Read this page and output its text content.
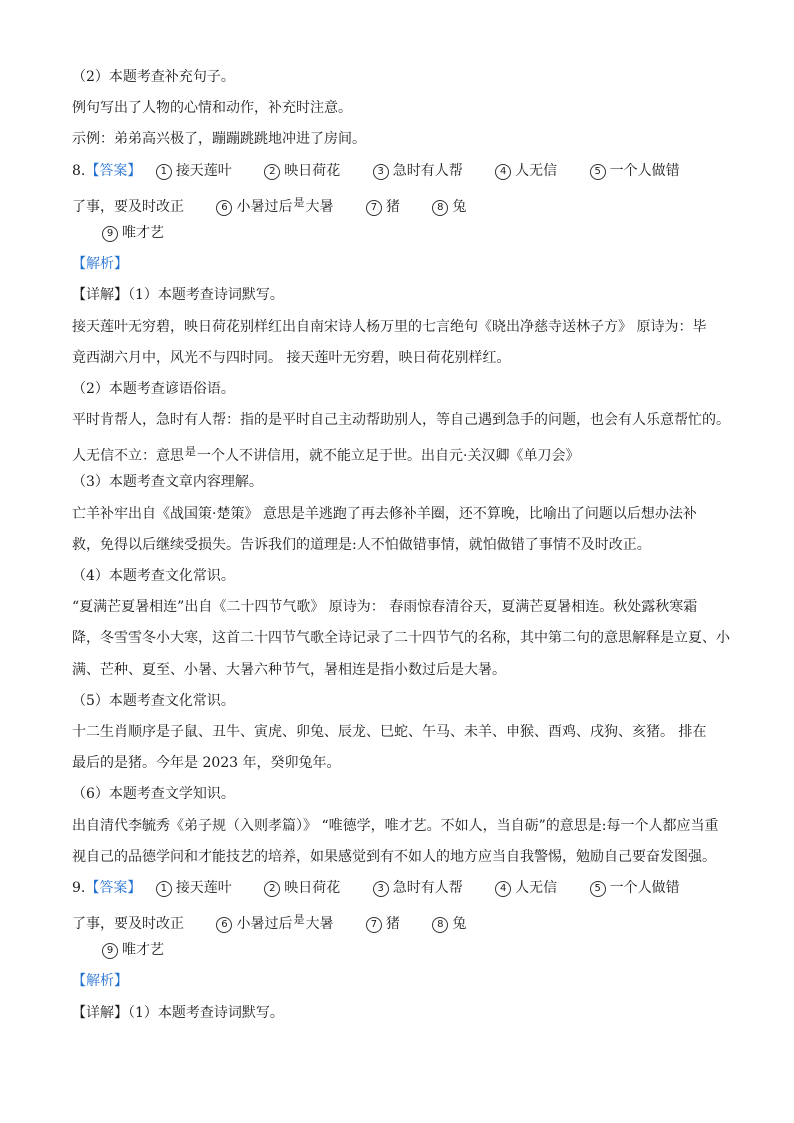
（2）本题考查补充句子。
例句写出了人物的心情和动作，补充时注意。
示例：弟弟高兴极了，蹦蹦跳跳地冲进了房间。
8.【答案】 1 接天莲叶	2 映日荷花	3 急时有人帮	4 人无信	5 一个人做错
了事，要及时改正	6 小暑过后$^是$大暑	7 猪	8 兔
9 唯才艺
【解析】
【详解】（1）本题考查诗词默写。
接天莲叶无穷碧，映日荷花别样红出自南宋诗人杨万里的七言绝句《晓出净慈寺送林子方》 原诗为：毕
竟西湖六月中，风光不与四时同。 接天莲叶无穷碧，映日荷花别样红。
（2）本题考查谚语俗语。
平时肯帮人，急时有人帮：指的是平时自己主动帮助别人，等自己遇到急手的问题，也会有人乐意帮忙的。
人无信不立：意思$^是$一个人不讲信用，就不能立足于世。出自元·关汉卿《单刀会》
（3）本题考查文章内容理解。
亡羊补牢出自《战国策·楚策》 意思是羊逃跑了再去修补羊圈，还不算晚，比喻出了问题以后想办法补
救，免得以后继续受损失。告诉我们的道理是:人不怕做错事情，就怕做错了事情不及时改正。
（4）本题考查文化常识。
“夏满芒夏暑相连”出自《二十四节气歌》 原诗为： 春雨惊春清谷天，夏满芒夏暑相连。秋处露秋寒霜
降，冬雪雪冬小大寒，这首二十四节气歌全诗记录了二十四节气的名称，其中第二句的意思解释是立夏、小
满、芒种、夏至、小暑、大暑六种节气，暑相连是指小数过后是大暑。
（5）本题考查文化常识。
十二生肖顺序是子鼠、丑牛、寅虎、卯兔、辰龙、巳蛇、午马、未羊、申猴、酉鸡、戌狗、亥猪。 排在
最后的是猪。今年是 2023 年，癸卯兔年。
（6）本题考查文学知识。
出自清代李毓秀《弟子规（入则孝篇）》 “唯德学，唯才艺。不如人，当自砺”的意思是:每一个人都应当重
视自己的品德学问和才能技艺的培养，如果感觉到有不如人的地方应当自我警惕，勉励自己要奋发图强。
9.【答案】 1 接天莲叶	2 映日荷花	3 急时有人帮	4 人无信	5 一个人做错
了事，要及时改正	6 小暑过后$^是$大暑	7 猪	8 兔
9 唯才艺
【解析】
【详解】（1）本题考查诗词默写。
